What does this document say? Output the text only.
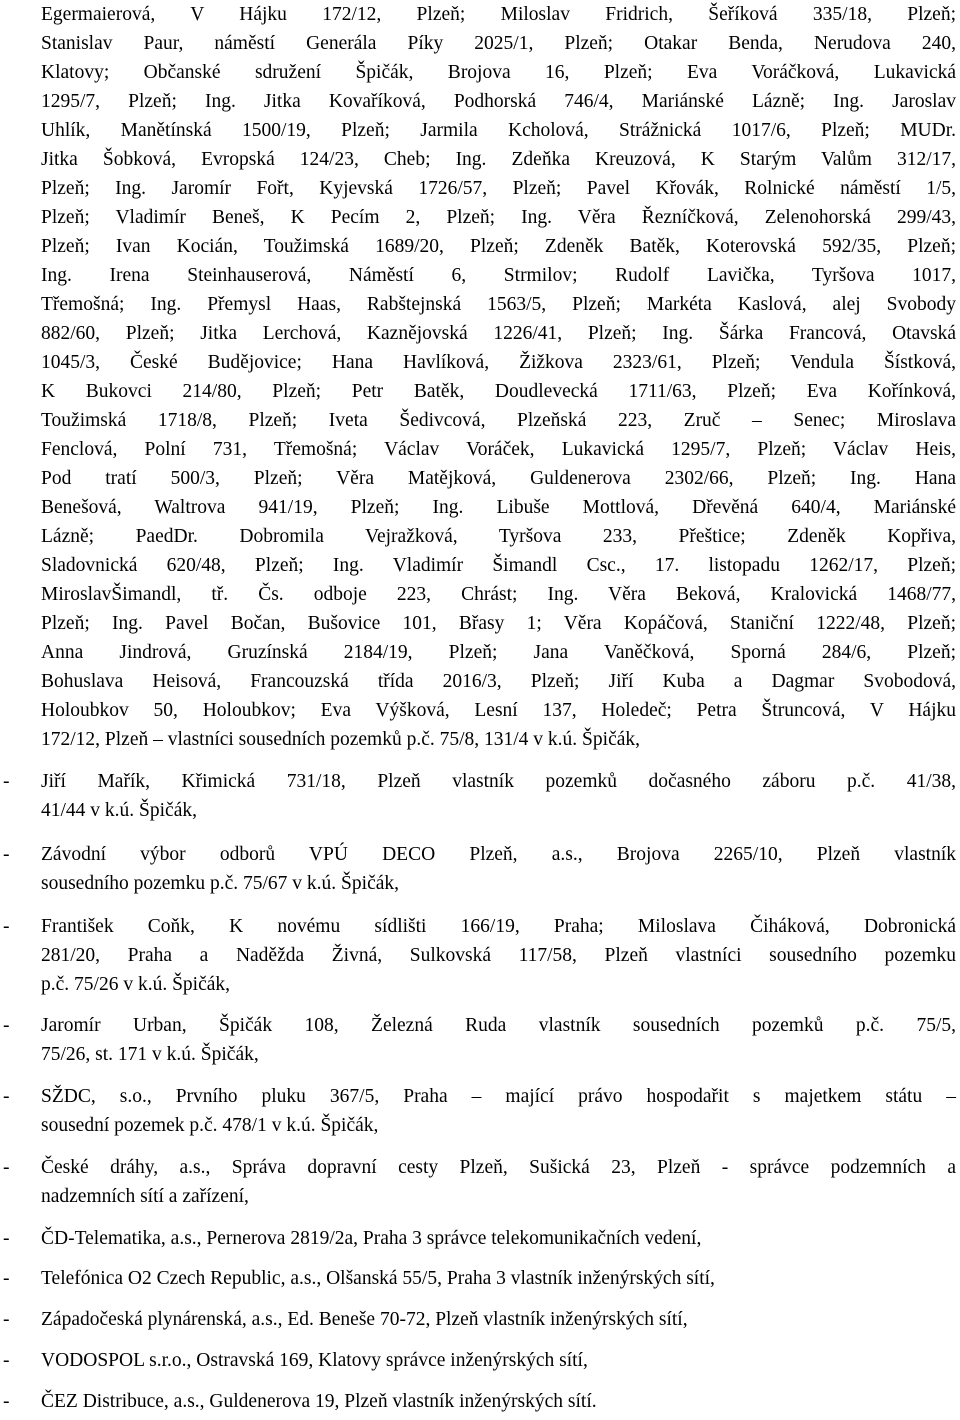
Egermaierová, V Hájku 172/12, Plzeň; Miloslav Fridrich, Šeříková 335/18, Plzeň;
Stanislav Paur, náměstí Generála Píky 2025/1, Plzeň; Otakar Benda, Nerudova 240,
Klatovy; Občanské sdružení Špičák, Brojova 16, Plzeň; Eva Voráčková, Lukavická
1295/7, Plzeň; Ing. Jitka Kovaříková, Podhorská 746/4, Mariánské Lázně; Ing. Jaroslav
Uhlík, Manětínská 1500/19, Plzeň; Jarmila Kcholová, Strážnická 1017/6, Plzeň; MUDr.
Jitka Šobková, Evropská 124/23, Cheb; Ing. Zdeňka Kreuzová, K Starým Valům 312/17,
Plzeň; Ing. Jaromír Fořt, Kyjevská 1726/57, Plzeň; Pavel Křovák, Rolnické náměstí 1/5,
Plzeň; Vladimír Beneš, K Pecím 2, Plzeň; Ing. Věra Řezníčková, Zelenohorská 299/43,
Plzeň; Ivan Kocián, Toužimská 1689/20, Plzeň; Zdeněk Batěk, Koterovská 592/35, Plzeň;
Ing. Irena Steinhauserová, Náměstí 6, Strmilov; Rudolf Lavička, Tyršova 1017,
Třemošná; Ing. Přemysl Haas, Rabštejnská 1563/5, Plzeň; Markéta Kaslová, alej Svobody
882/60, Plzeň; Jitka Lerchová, Kaznějovská 1226/41, Plzeň; Ing. Šárka Francová, Otavská
1045/3, České Budějovice; Hana Havlíková, Žižkova 2323/61, Plzeň; Vendula Šístková,
K Bukovci 214/80, Plzeň; Petr Batěk, Doudlevecká 1711/63, Plzeň; Eva Kořínková,
Toužimská 1718/8, Plzeň; Iveta Šedivcová, Plzeňská 223, Zruč – Senec; Miroslava
Fenclová, Polní 731, Třemošná; Václav Voráček, Lukavická 1295/7, Plzeň; Václav Heis,
Pod tratí 500/3, Plzeň; Věra Matějková, Guldenerova 2302/66, Plzeň; Ing. Hana
Benešová, Waltrova 941/19, Plzeň; Ing. Libuše Mottlová, Dřevěná 640/4, Mariánské
Lázně; PaedDr. Dobromila Vejražková, Tyršova 233, Přeštice; Zdeněk Kopřiva,
Sladovnická 620/48, Plzeň; Ing. Vladimír Šimandl Csc., 17. listopadu 1262/17, Plzeň;
MiroslavŠimandl, tř. Čs. odboje 223, Chrást; Ing. Věra Beková, Kralovická 1468/77,
Plzeň; Ing. Pavel Bočan, Bušovice 101, Břasy 1; Věra Kopáčová, Staniční 1222/48, Plzeň;
Anna Jindrová, Gruzínská 2184/19, Plzeň; Jana Vaněčková, Sporná 284/6, Plzeň;
Bohuslava Heisová, Francouzská třída 2016/3, Plzeň; Jiří Kuba a Dagmar Svobodová,
Holoubkov 50, Holoubkov; Eva Výšková, Lesní 137, Holedeč; Petra Štruncová, V Hájku
172/12, Plzeň – vlastníci sousedních pozemků p.č. 75/8, 131/4 v k.ú. Špičák,
- Jiří Mařík, Křimická 731/18, Plzeň vlastník pozemků dočasného záboru p.č. 41/38,
41/44 v k.ú. Špičák,
- Závodní výbor odborů VPÚ DECO Plzeň, a.s., Brojova 2265/10, Plzeň vlastník
sousedního pozemku p.č. 75/67 v k.ú. Špičák,
- František Coňk, K novému sídlišti 166/19, Praha; Miloslava Čiháková, Dobronická
281/20, Praha a Naděžda Živná, Sulkovská 117/58, Plzeň vlastníci sousedního pozemku
p.č. 75/26 v k.ú. Špičák,
- Jaromír Urban, Špičák 108, Železná Ruda vlastník sousedních pozemků p.č. 75/5,
75/26, st. 171 v k.ú. Špičák,
- SŽDC, s.o., Prvního pluku 367/5, Praha – mající právo hospodařit s majetkem státu –
sousední pozemek p.č. 478/1 v k.ú. Špičák,
- České dráhy, a.s., Správa dopravní cesty Plzeň, Sušická 23, Plzeň - správce podzemních a
nadzemních sítí a zařízení,
- ČD-Telematika, a.s., Pernerova 2819/2a, Praha 3 správce telekomunikačních vedení,
- Telefónica O2 Czech Republic, a.s., Olšanská 55/5, Praha 3 vlastník inženýrských sítí,
- Západočeská plynárenská, a.s., Ed. Beneše 70-72, Plzeň vlastník inženýrských sítí,
- VODOSPOL s.r.o., Ostravská 169, Klatovy správce inženýrských sítí,
- ČEZ Distribuce, a.s., Guldenerova 19, Plzeň vlastník inženýrských sítí.
